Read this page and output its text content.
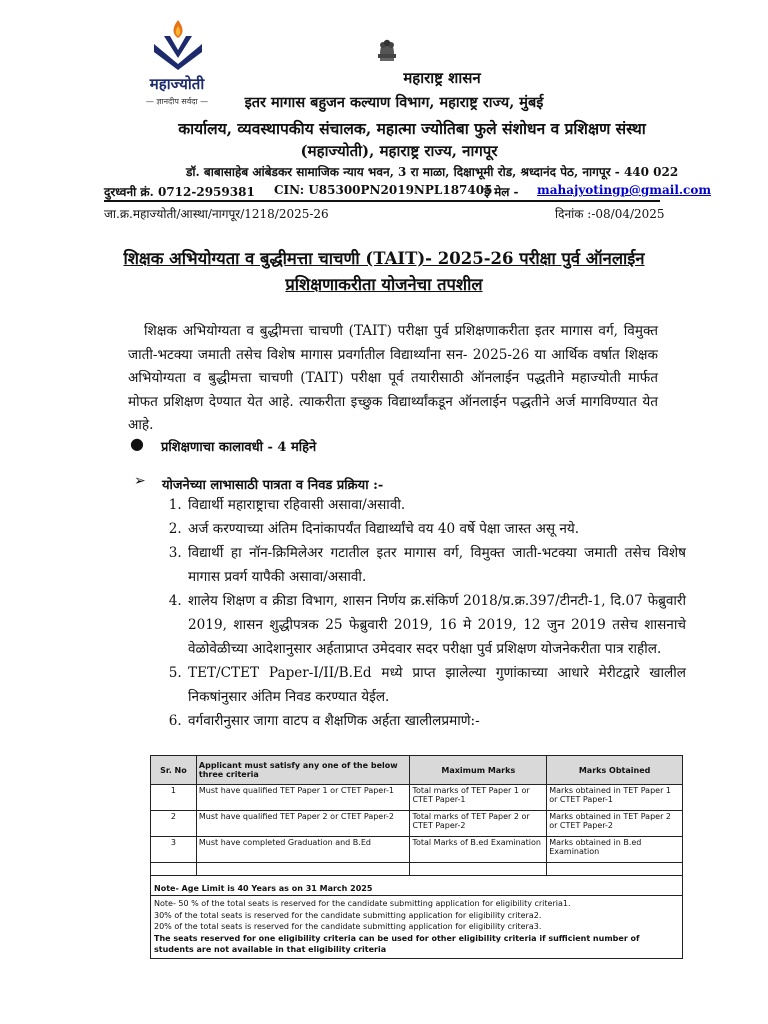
महाज्योती
— ज्ञानदीप सर्वदा —
महाराष्ट्र शासन
इतर मागास बहुजन कल्याण विभाग, महाराष्ट्र राज्य, मुंबई
कार्यालय, व्यवस्थापकीय संचालक, महात्मा ज्योतिबा फुले संशोधन व प्रशिक्षण संस्था
(महाज्योती), महाराष्ट्र राज्य, नागपूर
डॉ. बाबासाहेब आंबेडकर सामाजिक न्याय भवन, 3 रा माळा, दिक्षाभूमी रोड, श्रध्दानंद पेठ, नागपूर - 440 022
दुरध्वनी क्रं. 0712-2959381 CIN: U85300PN2019NPL187405
ई मेल - mahajyotingp@gmail.com
जा.क्र.महाज्योती/आस्था/नागपूर/1218/2025-26	दिनांक :-08/04/2025
शिक्षक अभियोग्यता व बुद्धीमत्ता चाचणी (TAIT)- 2025-26 परीक्षा पुर्व ऑनलाईन
प्रशिक्षणाकरीता योजनेचा तपशील
शिक्षक अभियोग्यता व बुद्धीमत्ता चाचणी (TAIT) परीक्षा पुर्व प्रशिक्षणाकरीता इतर मागास वर्ग, विमुक्त जाती-भटक्या जमाती तसेच विशेष मागास प्रवर्गातील विद्यार्थ्यांना सन- 2025-26 या आर्थिक वर्षात शिक्षक अभियोग्यता व बुद्धीमत्ता चाचणी (TAIT) परीक्षा पूर्व तयारीसाठी ऑनलाईन पद्धतीने महाज्योती मार्फत मोफत प्रशिक्षण देण्यात येत आहे. त्याकरीता इच्छुक विद्यार्थ्यांकडून ऑनलाईन पद्धतीने अर्ज मागविण्यात येत आहे.
● प्रशिक्षणाचा कालावधी - 4 महिने
➢ योजनेच्या लाभासाठी पात्रता व निवड प्रक्रिया :-
1. विद्यार्थी महाराष्ट्राचा रहिवासी असावा/असावी.
2. अर्ज करण्याच्या अंतिम दिनांकापर्यंत विद्यार्थ्यांचे वय 40 वर्षे पेक्षा जास्त असू नये.
3. विद्यार्थी हा नॉन-क्रिमिलेअर गटातील इतर मागास वर्ग, विमुक्त जाती-भटक्या जमाती तसेच विशेष मागास प्रवर्ग यापैकी असावा/असावी.
4. शालेय शिक्षण व क्रीडा विभाग, शासन निर्णय क्र.संकिर्ण 2018/प्र.क्र.397/टीनटी-1, दि.07 फेब्रुवारी 2019, शासन शुद्धीपत्रक 25 फेब्रुवारी 2019, 16 मे 2019, 12 जुन 2019 तसेच शासनाचे वेळोवेळीच्या आदेशानुसार अर्हताप्राप्त उमेदवार सदर परीक्षा पुर्व प्रशिक्षण योजनेकरीता पात्र राहील.
5. TET/CTET Paper-I/II/B.Ed मध्ये प्राप्त झालेल्या गुणांकाच्या आधारे मेरीटद्वारे खालील निकषांनुसार अंतिम निवड करण्यात येईल.
6. वर्गवारीनुसार जागा वाटप व शैक्षणिक अर्हता खालीलप्रमाणे:-
Sr. No	Applicant must satisfy any one of the below three criteria	Maximum Marks	Marks Obtained
1	Must have qualified TET Paper 1 or CTET Paper-1	Total marks of TET Paper 1 or CTET Paper-1	Marks obtained in TET Paper 1 or CTET Paper-1
2	Must have qualified TET Paper 2 or CTET Paper-2	Total marks of TET Paper 2 or CTET Paper-2	Marks obtained in TET Paper 2 or CTET Paper-2
3	Must have completed Graduation and B.Ed	Total Marks of B.ed Examination	Marks obtained in B.ed Examination

Note- Age Limit is 40 Years as on 31 March 2025			

Note- 50 % of the total seats is reserved for the candidate submitting application for eligibility criteria1.

30% of the total seats is reserved for the candidate submitting application for eligibility critera2.

20% of the total seats is reserved for the candidate submitting application for eligibility critera3.

The seats reserved for one eligibility criteria can be used for other eligibility criteria if sufficient number of students are not available in that eligibility criteria			
